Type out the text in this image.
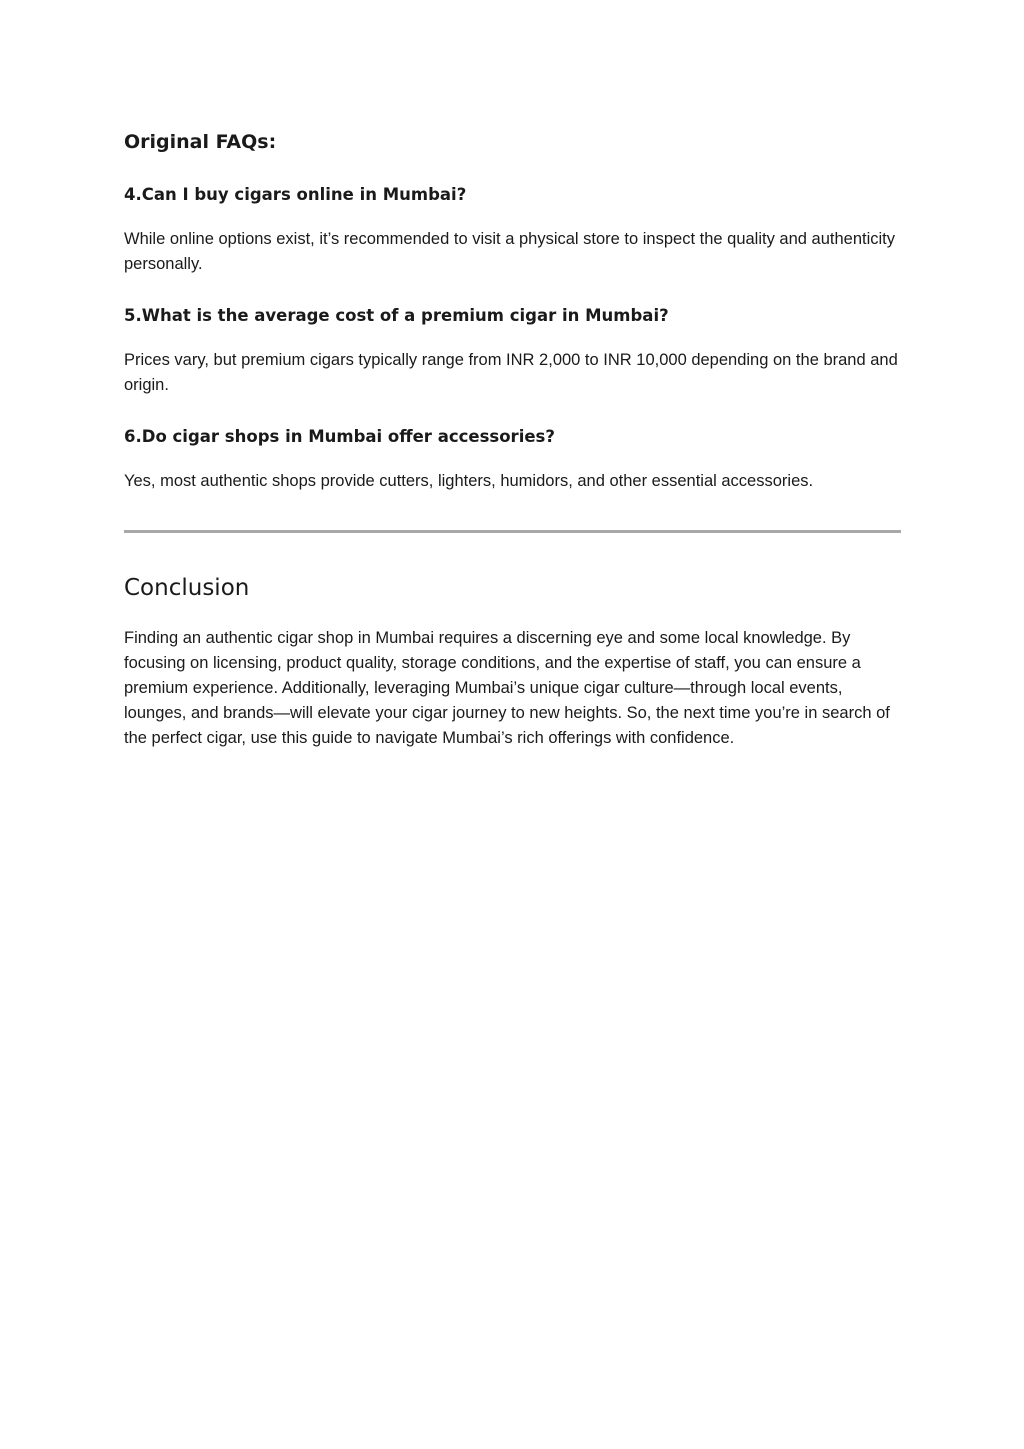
Original FAQs:
4.Can I buy cigars online in Mumbai?

While online options exist, it’s recommended to visit a physical store to inspect the quality and authenticity personally.

5.What is the average cost of a premium cigar in Mumbai?

Prices vary, but premium cigars typically range from INR 2,000 to INR 10,000 depending on the brand and origin.

6.Do cigar shops in Mumbai offer accessories?

Yes, most authentic shops provide cutters, lighters, humidors, and other essential accessories.

Conclusion

Finding an authentic cigar shop in Mumbai requires a discerning eye and some local knowledge. By focusing on licensing, product quality, storage conditions, and the expertise of staff, you can ensure a premium experience. Additionally, leveraging Mumbai’s unique cigar culture—through local events, lounges, and brands—will elevate your cigar journey to new heights. So, the next time you’re in search of the perfect cigar, use this guide to navigate Mumbai’s rich offerings with confidence.
